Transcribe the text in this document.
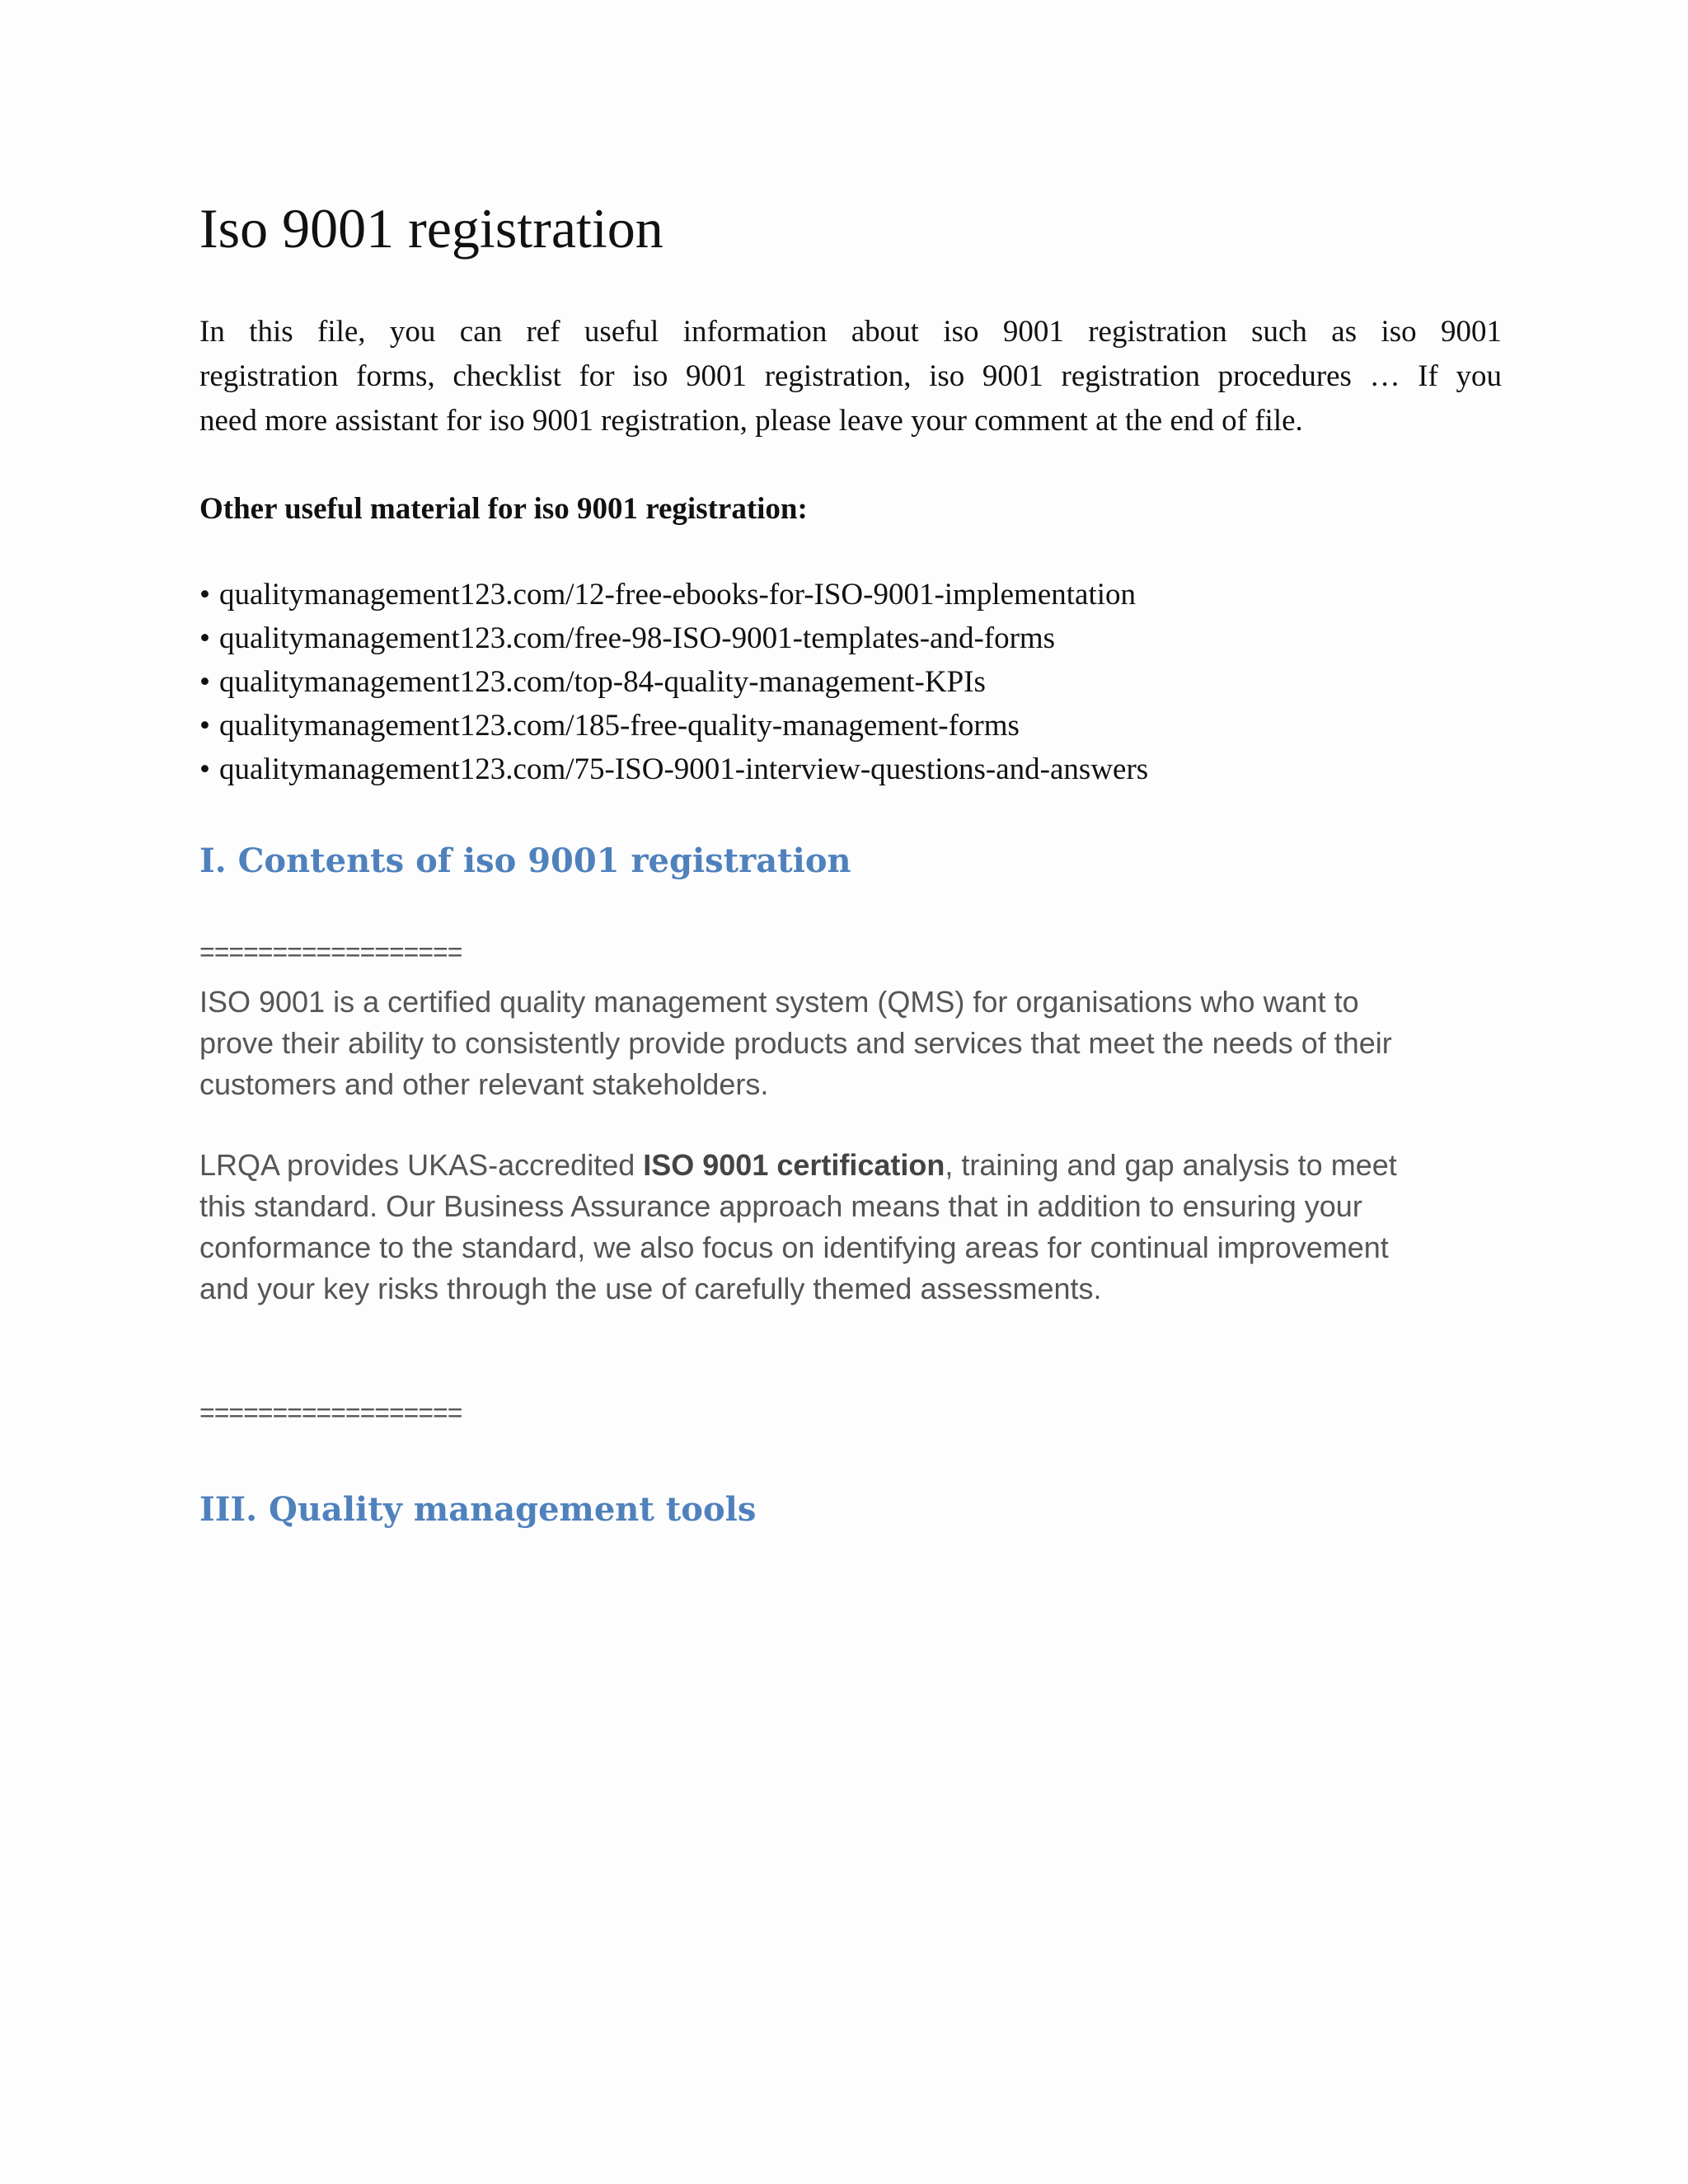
Iso 9001 registration

In this file, you can ref useful information about iso 9001 registration such as iso 9001
registration forms, checklist for iso 9001 registration, iso 9001 registration procedures … If you
need more assistant for iso 9001 registration, please leave your comment at the end of file.

Other useful material for iso 9001 registration:

• qualitymanagement123.com/12-free-ebooks-for-ISO-9001-implementation
• qualitymanagement123.com/free-98-ISO-9001-templates-and-forms
• qualitymanagement123.com/top-84-quality-management-KPIs
• qualitymanagement123.com/185-free-quality-management-forms
• qualitymanagement123.com/75-ISO-9001-interview-questions-and-answers
I. Contents of iso 9001 registration
==================

ISO 9001 is a certified quality management system (QMS) for organisations who want to
prove their ability to consistently provide products and services that meet the needs of their
customers and other relevant stakeholders.

LRQA provides UKAS-accredited ISO 9001 certification, training and gap analysis to meet
this standard. Our Business Assurance approach means that in addition to ensuring your
conformance to the standard, we also focus on identifying areas for continual improvement
and your key risks through the use of carefully themed assessments.

==================
III. Quality management tools
